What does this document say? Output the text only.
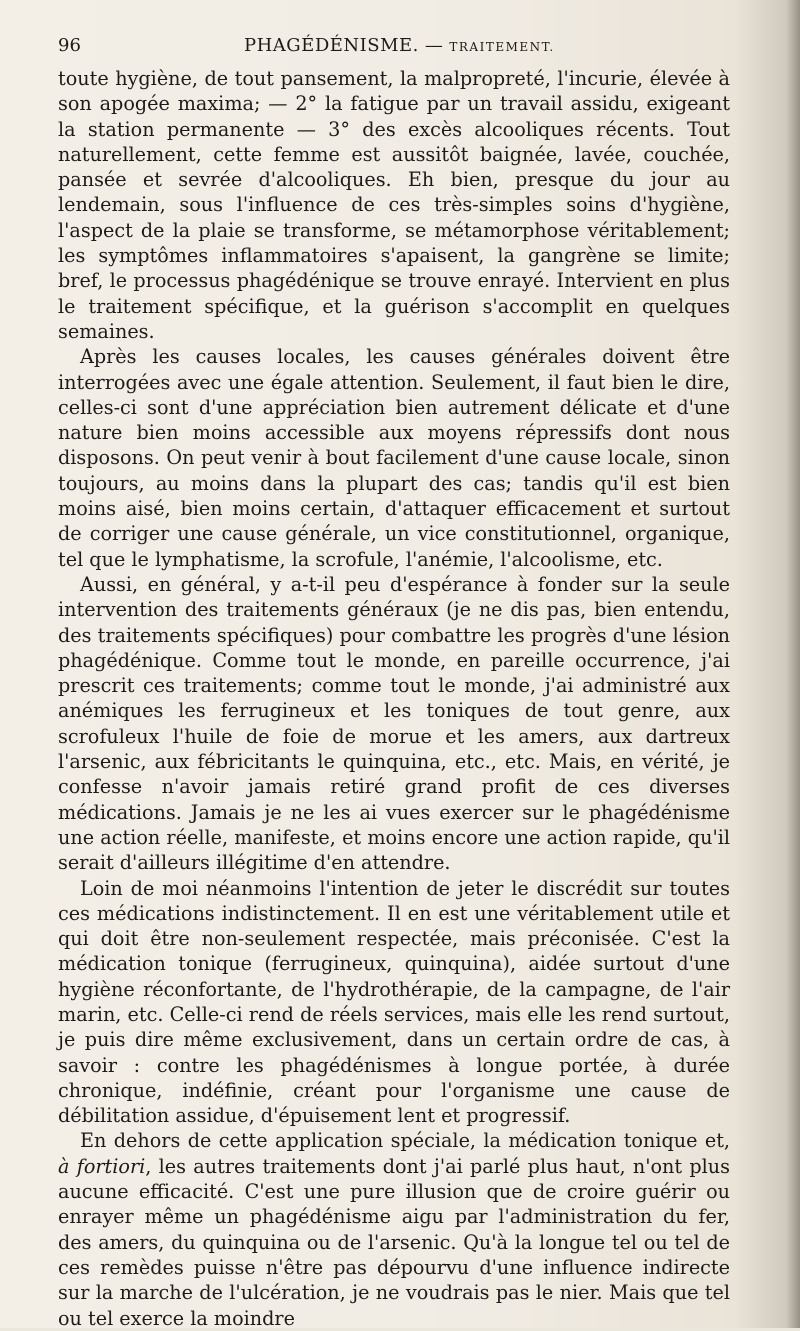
96	PHAGÉDÉNISME. — TRAITEMENT.

toute hygiène, de tout pansement, la malpropreté, l'incurie, élevée à son apogée maxima; — 2° la fatigue par un travail assidu, exigeant la station permanente — 3° des excès alcooliques récents. Tout naturellement, cette femme est aussitôt baignée, lavée, couchée, pansée et sevrée d'alcooliques. Eh bien, presque du jour au lendemain, sous l'influence de ces très-simples soins d'hygiène, l'aspect de la plaie se transforme, se métamorphose véritablement; les symptômes inflammatoires s'apaisent, la gangrène se limite; bref, le processus phagédénique se trouve enrayé. Intervient en plus le traitement spécifique, et la guérison s'accomplit en quelques semaines.

Après les causes locales, les causes générales doivent être interrogées avec une égale attention. Seulement, il faut bien le dire, celles-ci sont d'une appréciation bien autrement délicate et d'une nature bien moins accessible aux moyens répressifs dont nous disposons. On peut venir à bout facilement d'une cause locale, sinon toujours, au moins dans la plupart des cas; tandis qu'il est bien moins aisé, bien moins certain, d'attaquer efficacement et surtout de corriger une cause générale, un vice constitutionnel, organique, tel que le lymphatisme, la scrofule, l'anémie, l'alcoolisme, etc.

Aussi, en général, y a-t-il peu d'espérance à fonder sur la seule intervention des traitements généraux (je ne dis pas, bien entendu, des traitements spécifiques) pour combattre les progrès d'une lésion phagédénique. Comme tout le monde, en pareille occurrence, j'ai prescrit ces traitements; comme tout le monde, j'ai administré aux anémiques les ferrugineux et les toniques de tout genre, aux scrofuleux l'huile de foie de morue et les amers, aux dartreux l'arsenic, aux fébricitants le quinquina, etc., etc. Mais, en vérité, je confesse n'avoir jamais retiré grand profit de ces diverses médications. Jamais je ne les ai vues exercer sur le phagédénisme une action réelle, manifeste, et moins encore une action rapide, qu'il serait d'ailleurs illégitime d'en attendre.

Loin de moi néanmoins l'intention de jeter le discrédit sur toutes ces médications indistinctement. Il en est une véritablement utile et qui doit être non-seulement respectée, mais préconisée. C'est la médication tonique (ferrugineux, quinquina), aidée surtout d'une hygiène réconfortante, de l'hydrothérapie, de la campagne, de l'air marin, etc. Celle-ci rend de réels services, mais elle les rend surtout, je puis dire même exclusivement, dans un certain ordre de cas, à savoir : contre les phagédénismes à longue portée, à durée chronique, indéfinie, créant pour l'organisme une cause de débilitation assidue, d'épuisement lent et progressif.

En dehors de cette application spéciale, la médication tonique et, à fortiori, les autres traitements dont j'ai parlé plus haut, n'ont plus aucune efficacité. C'est une pure illusion que de croire guérir ou enrayer même un phagédénisme aigu par l'administration du fer, des amers, du quinquina ou de l'arsenic. Qu'à la longue tel ou tel de ces remèdes puisse n'être pas dépourvu d'une influence indirecte sur la marche de l'ulcération, je ne voudrais pas le nier. Mais que tel ou tel exerce la moindre
